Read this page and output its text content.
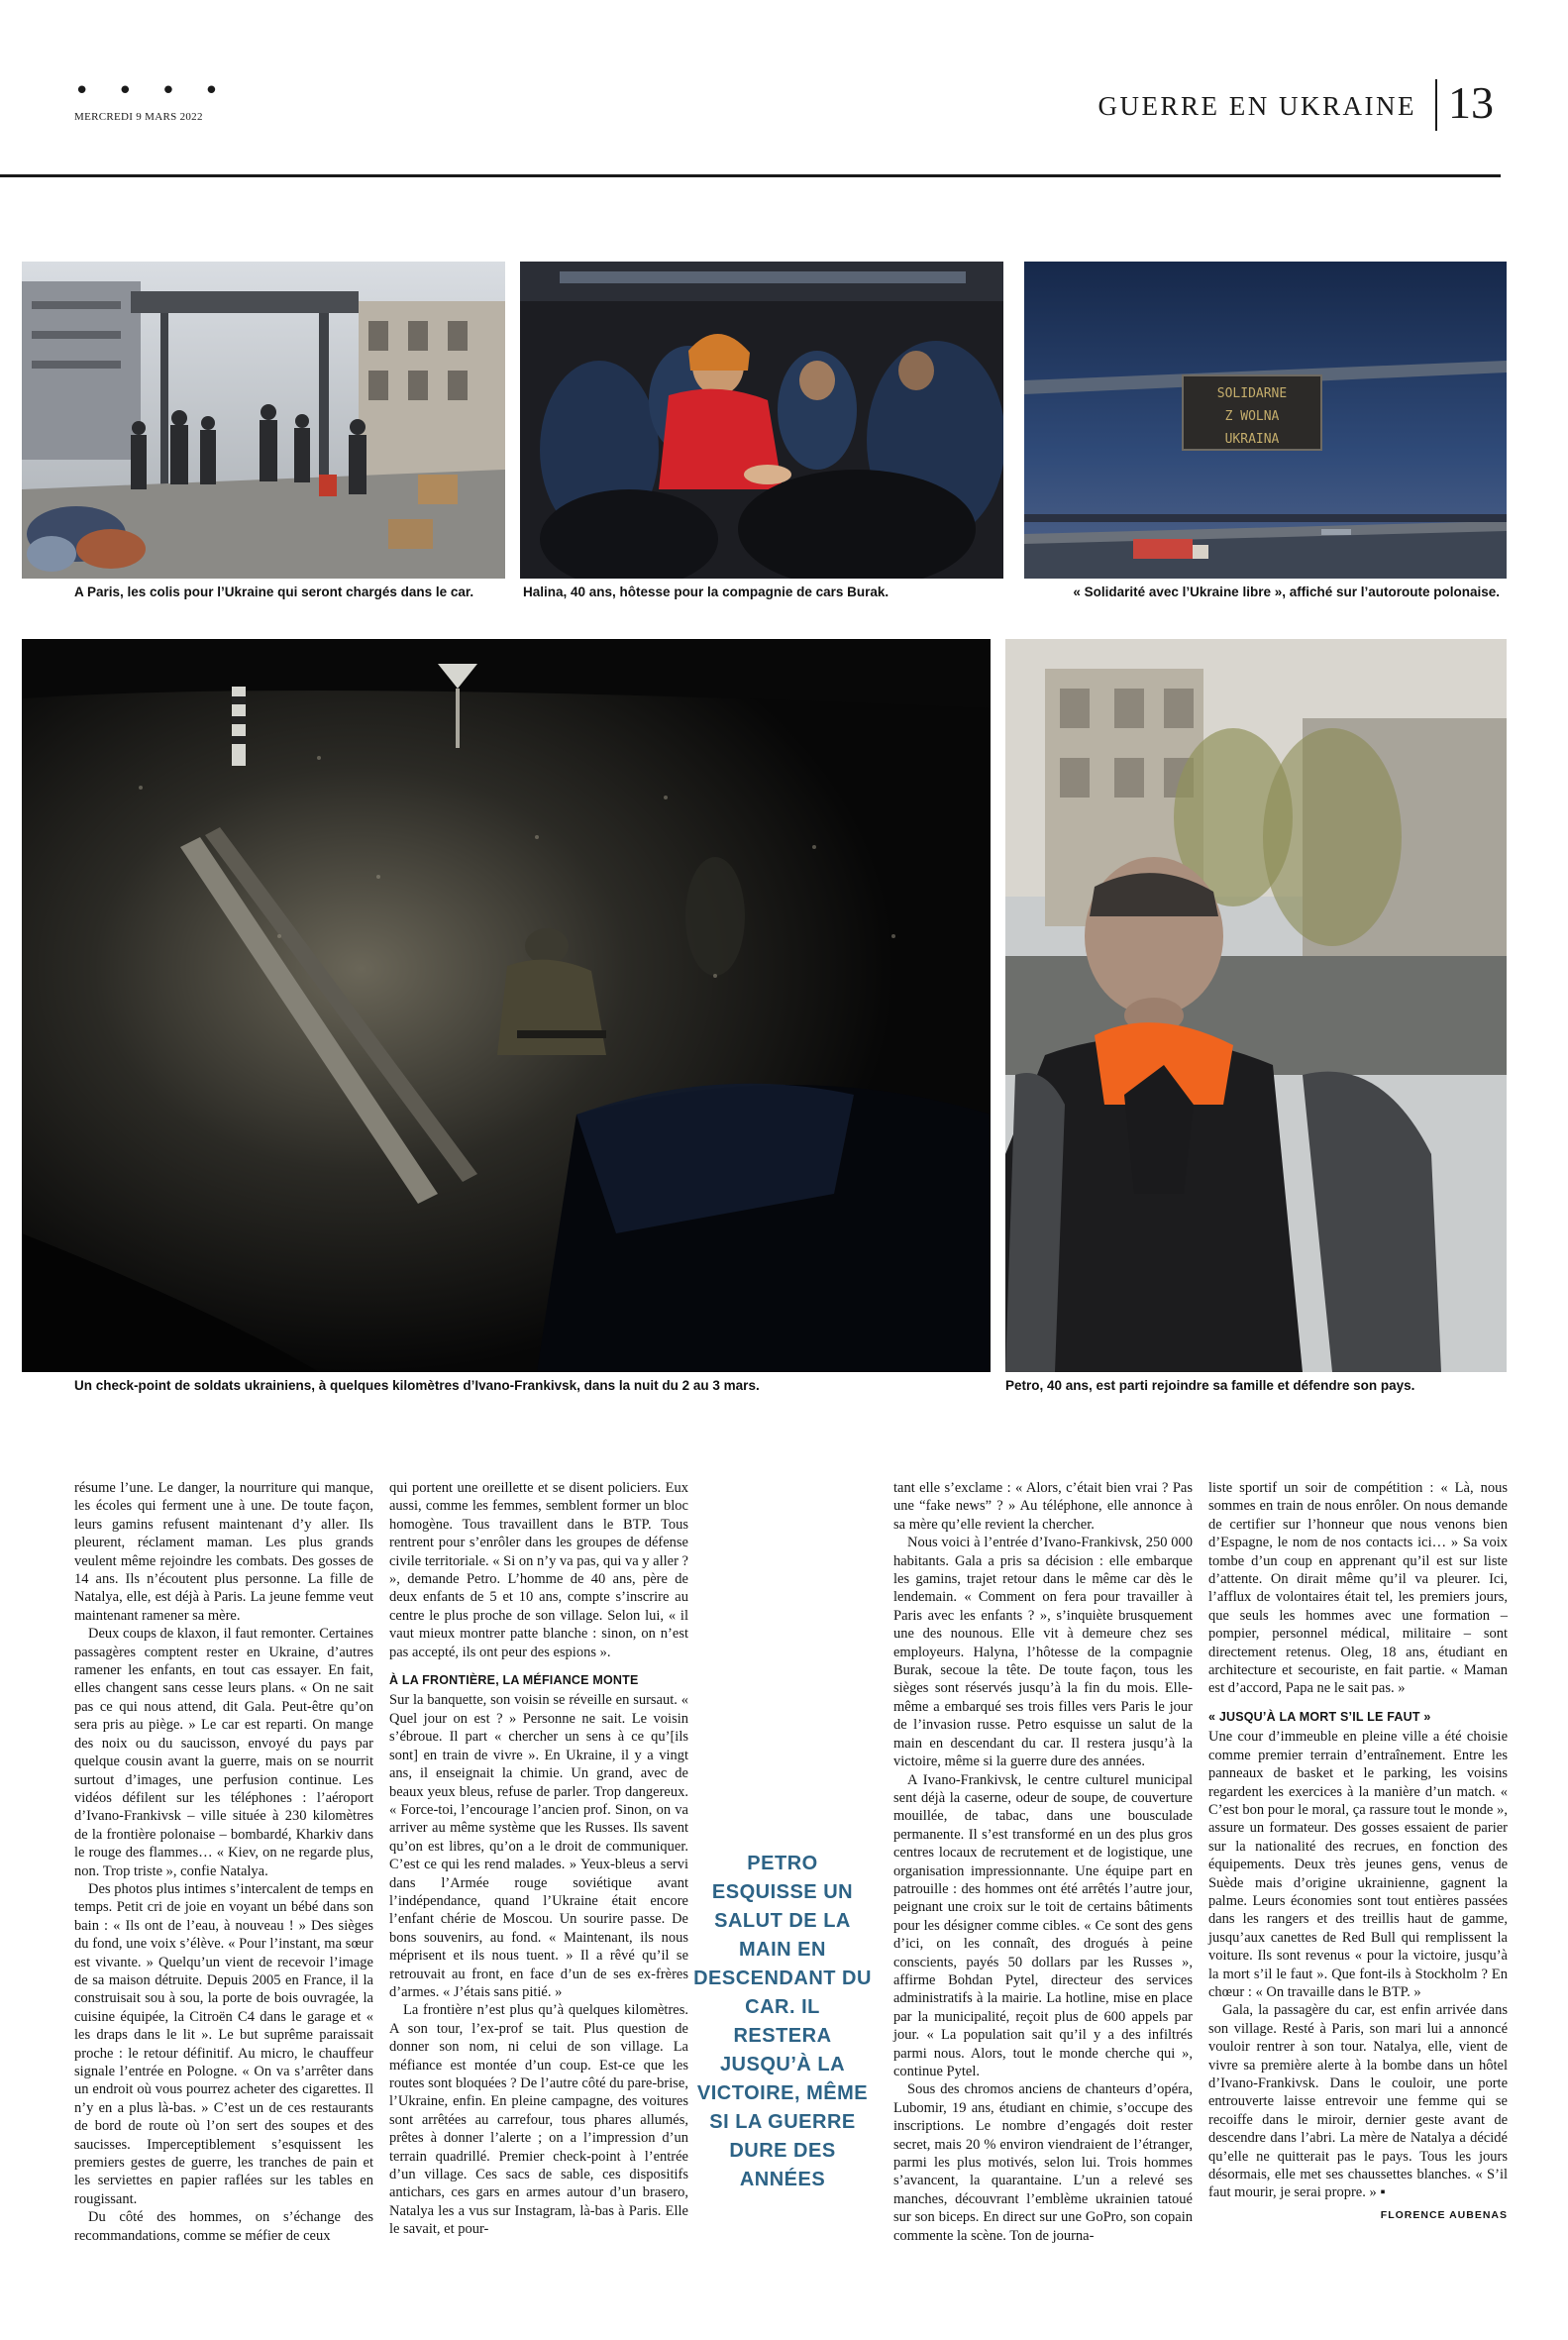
• • • •
MERCREDI 9 MARS 2022	GUERRE EN UKRAINE 13
A Paris, les colis pour l’Ukraine qui seront chargés dans le car.	Halina, 40 ans, hôtesse pour la compagnie de cars Burak.
SOLIDARNE
Z WOLNA
UKRAINA
« Solidarité avec l’Ukraine libre », affiché sur l’autoroute polonaise.
Un check-point de soldats ukrainiens, à quelques kilomètres d’Ivano-Frankivsk, dans la nuit du 2 au 3 mars.	Petro, 40 ans, est parti rejoindre sa famille et défendre son pays.

résume l’une. Le danger, la nourriture qui manque, les écoles qui ferment une à une. De toute façon, leurs gamins refusent maintenant d’y aller. Ils pleurent, réclament maman. Les plus grands veulent même rejoindre les combats. Des gosses de 14 ans. Ils n’écoutent plus personne. La fille de Natalya, elle, est déjà à Paris. La jeune femme veut maintenant ramener sa mère.

Deux coups de klaxon, il faut remonter. Certaines passagères comptent rester en Ukraine, d’autres ramener les enfants, en tout cas essayer. En fait, elles changent sans cesse leurs plans. « On ne sait pas ce qui nous attend, dit Gala. Peut-être qu’on sera pris au piège. » Le car est reparti. On mange des noix ou du saucisson, envoyé du pays par quelque cousin avant la guerre, mais on se nourrit surtout d’images, une perfusion continue. Les vidéos défilent sur les téléphones : l’aéroport d’Ivano-Frankivsk – ville située à 230 kilomètres de la frontière polonaise – bombardé, Kharkiv dans le rouge des flammes… « Kiev, on ne regarde plus, non. Trop triste », confie Natalya.

Des photos plus intimes s’intercalent de temps en temps. Petit cri de joie en voyant un bébé dans son bain : « Ils ont de l’eau, à nouveau ! » Des sièges du fond, une voix s’élève. « Pour l’instant, ma sœur est vivante. » Quelqu’un vient de recevoir l’image de sa maison détruite. Depuis 2005 en France, il la construisait sou à sou, la porte de bois ouvragée, la cuisine équipée, la Citroën C4 dans le garage et « les draps dans le lit ». Le but suprême paraissait proche : le retour définitif. Au micro, le chauffeur signale l’entrée en Pologne. « On va s’arrêter dans un endroit où vous pourrez acheter des cigarettes. Il n’y en a plus là-bas. » C’est un de ces restaurants de bord de route où l’on sert des soupes et des saucisses. Imperceptiblement s’esquissent les premiers gestes de guerre, les tranches de pain et les serviettes en papier raflées sur les tables en rougissant.

Du côté des hommes, on s’échange des recommandations, comme se méfier de ceux

qui portent une oreillette et se disent policiers. Eux aussi, comme les femmes, semblent former un bloc homogène. Tous travaillent dans le BTP. Tous rentrent pour s’enrôler dans les groupes de défense civile territoriale. « Si on n’y va pas, qui va y aller ? », demande Petro. L’homme de 40 ans, père de deux enfants de 5 et 10 ans, compte s’inscrire au centre le plus proche de son village. Selon lui, « il vaut mieux montrer patte blanche : sinon, on n’est pas accepté, ils ont peur des espions ».

À LA FRONTIÈRE, LA MÉFIANCE MONTE

Sur la banquette, son voisin se réveille en sursaut. « Quel jour on est ? » Personne ne sait. Le voisin s’ébroue. Il part « chercher un sens à ce qu’[ils sont] en train de vivre ». En Ukraine, il y a vingt ans, il enseignait la chimie. Un grand, avec de beaux yeux bleus, refuse de parler. Trop dangereux. « Force-toi, l’encourage l’ancien prof. Sinon, on va arriver au même système que les Russes. Ils savent qu’on est libres, qu’on a le droit de communiquer. C’est ce qui les rend malades. » Yeux-bleus a servi dans l’Armée rouge soviétique avant l’indépendance, quand l’Ukraine était encore l’enfant chérie de Moscou. Un sourire passe. De bons souvenirs, au fond. « Maintenant, ils nous méprisent et ils nous tuent. » Il a rêvé qu’il se retrouvait au front, en face d’un de ses ex-frères d’armes. « J’étais sans pitié. »

La frontière n’est plus qu’à quelques kilomètres. A son tour, l’ex-prof se tait. Plus question de donner son nom, ni celui de son village. La méfiance est montée d’un coup. Est-ce que les routes sont bloquées ? De l’autre côté du pare-brise, l’Ukraine, enfin. En pleine campagne, des voitures sont arrêtées au carrefour, tous phares allumés, prêtes à donner l’alerte ; on a l’impression d’un terrain quadrillé. Premier check-point à l’entrée d’un village. Ces sacs de sable, ces dispositifs antichars, ces gars en armes autour d’un brasero, Natalya les a vus sur Instagram, là-bas à Paris. Elle le savait, et pour-

PETRO ESQUISSE UN SALUT DE LA MAIN EN DESCENDANT DU CAR. IL RESTERA JUSQU’À LA VICTOIRE, MÊME SI LA GUERRE DURE DES ANNÉES

tant elle s’exclame : « Alors, c’était bien vrai ? Pas une “fake news” ? » Au téléphone, elle annonce à sa mère qu’elle revient la chercher.

Nous voici à l’entrée d’Ivano-Frankivsk, 250 000 habitants. Gala a pris sa décision : elle embarque les gamins, trajet retour dans le même car dès le lendemain. « Comment on fera pour travailler à Paris avec les enfants ? », s’inquiète brusquement une des nounous. Elle vit à demeure chez ses employeurs. Halyna, l’hôtesse de la compagnie Burak, secoue la tête. De toute façon, tous les sièges sont réservés jusqu’à la fin du mois. Elle-même a embarqué ses trois filles vers Paris le jour de l’invasion russe. Petro esquisse un salut de la main en descendant du car. Il restera jusqu’à la victoire, même si la guerre dure des années.

A Ivano-Frankivsk, le centre culturel municipal sent déjà la caserne, odeur de soupe, de couverture mouillée, de tabac, dans une bousculade permanente. Il s’est transformé en un des plus gros centres locaux de recrutement et de logistique, une organisation impressionnante. Une équipe part en patrouille : des hommes ont été arrêtés l’autre jour, peignant une croix sur le toit de certains bâtiments pour les désigner comme cibles. « Ce sont des gens d’ici, on les connaît, des drogués à peine conscients, payés 50 dollars par les Russes », affirme Bohdan Pytel, directeur des services administratifs à la mairie. La hotline, mise en place par la municipalité, reçoit plus de 600 appels par jour. « La population sait qu’il y a des infiltrés parmi nous. Alors, tout le monde cherche qui », continue Pytel.

Sous des chromos anciens de chanteurs d’opéra, Lubomir, 19 ans, étudiant en chimie, s’occupe des inscriptions. Le nombre d’engagés doit rester secret, mais 20 % environ viendraient de l’étranger, parmi les plus motivés, selon lui. Trois hommes s’avancent, la quarantaine. L’un a relevé ses manches, découvrant l’emblème ukrainien tatoué sur son biceps. En direct sur une GoPro, son copain commente la scène. Ton de journa-

liste sportif un soir de compétition : « Là, nous sommes en train de nous enrôler. On nous demande de certifier sur l’honneur que nous venons bien d’Espagne, le nom de nos contacts ici… » Sa voix tombe d’un coup en apprenant qu’il est sur liste d’attente. On dirait même qu’il va pleurer. Ici, l’afflux de volontaires était tel, les premiers jours, que seuls les hommes avec une formation – pompier, personnel médical, militaire – sont directement retenus. Oleg, 18 ans, étudiant en architecture et secouriste, en fait partie. « Maman est d’accord, Papa ne le sait pas. »

« JUSQU’À LA MORT S’IL LE FAUT »

Une cour d’immeuble en pleine ville a été choisie comme premier terrain d’entraînement. Entre les panneaux de basket et le parking, les voisins regardent les exercices à la manière d’un match. « C’est bon pour le moral, ça rassure tout le monde », assure un formateur. Des gosses essaient de parier sur la nationalité des recrues, en fonction des équipements. Deux très jeunes gens, venus de Suède mais d’origine ukrainienne, gagnent la palme. Leurs économies sont tout entières passées dans les rangers et des treillis haut de gamme, jusqu’aux canettes de Red Bull qui remplissent la voiture. Ils sont revenus « pour la victoire, jusqu’à la mort s’il le faut ». Que font-ils à Stockholm ? En chœur : « On travaille dans le BTP. »

Gala, la passagère du car, est enfin arrivée dans son village. Resté à Paris, son mari lui a annoncé vouloir rentrer à son tour. Natalya, elle, vient de vivre sa première alerte à la bombe dans un hôtel d’Ivano-Frankivsk. Dans le couloir, une porte entrouverte laisse entrevoir une femme qui se recoiffe dans le miroir, dernier geste avant de descendre dans l’abri. La mère de Natalya a décidé qu’elle ne quitterait pas le pays. Tous les jours désormais, elle met ses chaussettes blanches. « S’il faut mourir, je serai propre. » ▪

FLORENCE AUBENAS
